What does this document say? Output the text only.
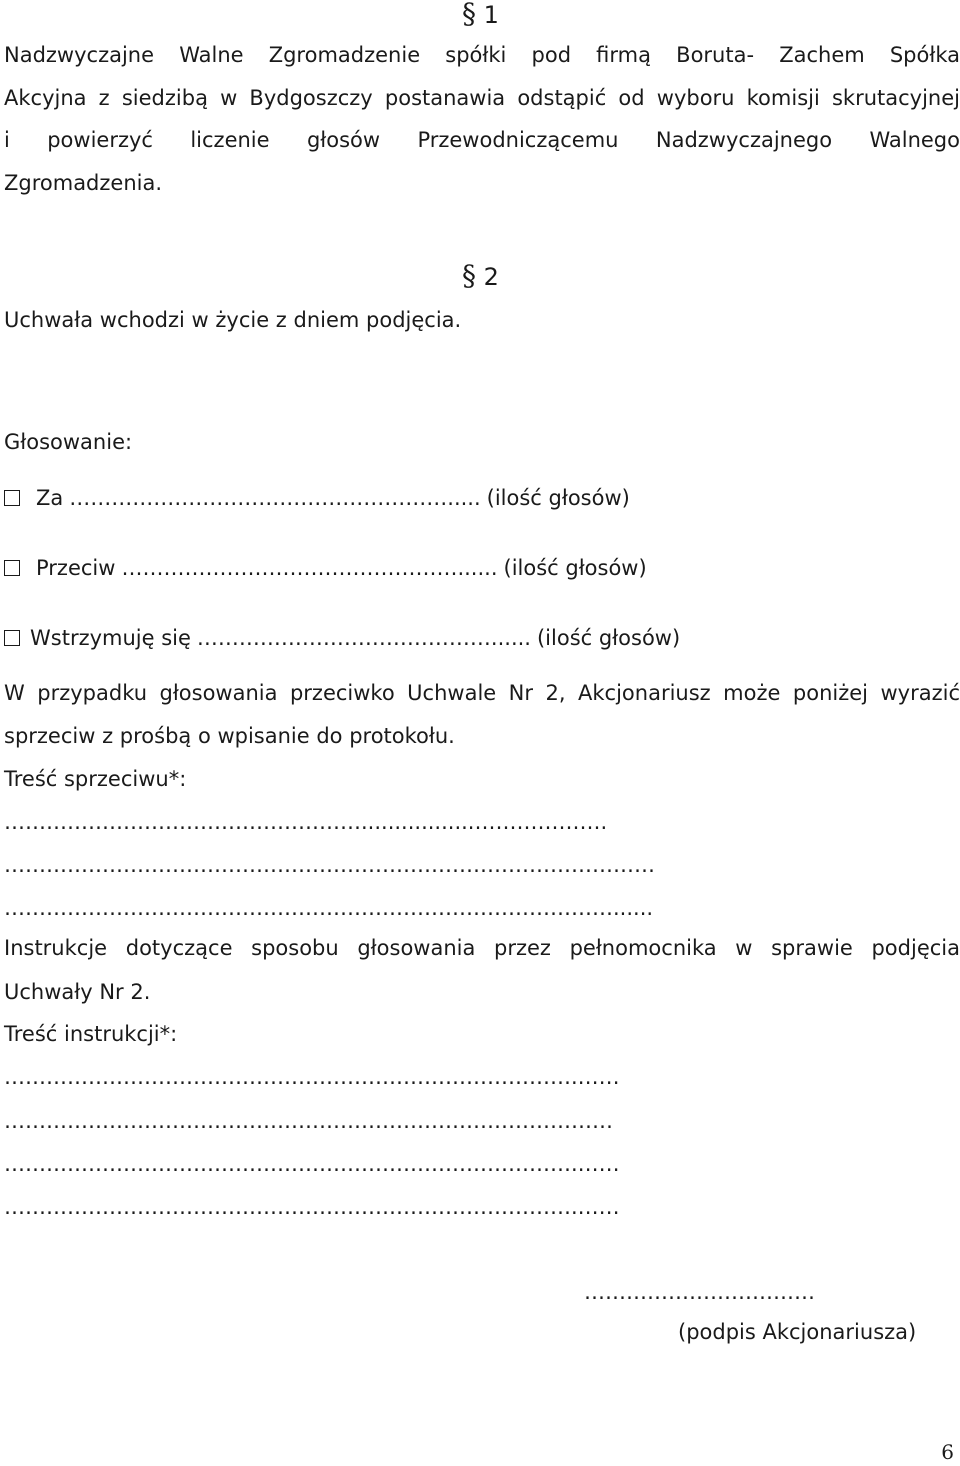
§ 1

Nadzwyczajne Walne Zgromadzenie spółki pod firmą Boruta- Zachem Spółka

Akcyjna z siedzibą w Bydgoszczy postanawia odstąpić od wyboru komisji skrutacyjnej

i powierzyć liczenie głosów Przewodniczącemu Nadzwyczajnego Walnego

Zgromadzenia.

§ 2

Uchwała wchodzi w życie z dniem podjęcia.

Głosowanie:

Za ………………………………………………..... (ilość głosów)
Przeciw …………………………………………...... (ilość głosów)
Wstrzymuję się ……………………………………...... (ilość głosów)

W przypadku głosowania przeciwko Uchwale Nr 2, Akcjonariusz może poniżej wyrazić

sprzeciw z prośbą o wpisanie do protokołu.

Treść sprzeciwu*:

…………………………………………….................……………….
…………………………………………………………………………………
……………………………………………………………………………......

Instrukcje dotyczące sposobu głosowania przez pełnomocnika w sprawie podjęcia

Uchwały Nr 2.

Treść instrukcji*:

……………………………………………………………………….……
……………………………………………………………………………
……………………………………………………………………….……
……………………………………………………………………….……
……………………………

(podpis Akcjonariusza)

6
